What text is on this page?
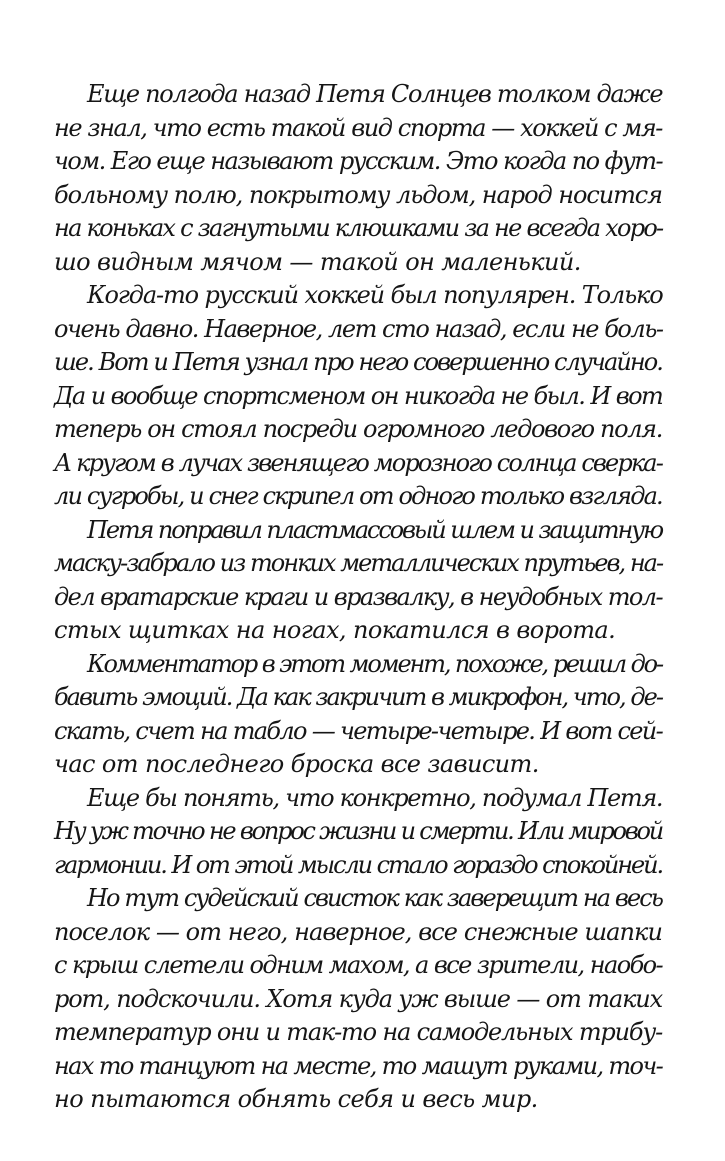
Еще полгода назад Петя Солнцев толком даже
не знал, что есть такой вид спорта — хоккей с мя-
чом. Его еще называют русским. Это когда по фут-
больному полю, покрытому льдом, народ носится
на коньках с загнутыми клюшками за не всегда хоро-
шо видным мячом — такой он маленький.

Когда-то русский хоккей был популярен. Только
очень давно. Наверное, лет сто назад, если не боль-
ше. Вот и Петя узнал про него совершенно случайно.
Да и вообще спортсменом он никогда не был. И вот
теперь он стоял посреди огромного ледового поля.
А кругом в лучах звенящего морозного солнца сверка-
ли сугробы, и снег скрипел от одного только взгляда.

Петя поправил пластмассовый шлем и защитную
маску-забрало из тонких металлических прутьев, на-
дел вратарские краги и вразвалку, в неудобных тол-
стых щитках на ногах, покатился в ворота.

Комментатор в этот момент, похоже, решил до-
бавить эмоций. Да как закричит в микрофон, что, де-
скать, счет на табло — четыре-четыре. И вот сей-
час от последнего броска все зависит.

Еще бы понять, что конкретно, подумал Петя.
Ну уж точно не вопрос жизни и смерти. Или мировой
гармонии. И от этой мысли стало гораздо спокойней.

Но тут судейский свисток как заверещит на весь
поселок — от него, наверное, все снежные шапки
с крыш слетели одним махом, а все зрители, наобо-
рот, подскочили. Хотя куда уж выше — от таких
температур они и так-то на самодельных трибу-
нах то танцуют на месте, то машут руками, точ-
но пытаются обнять себя и весь мир.
